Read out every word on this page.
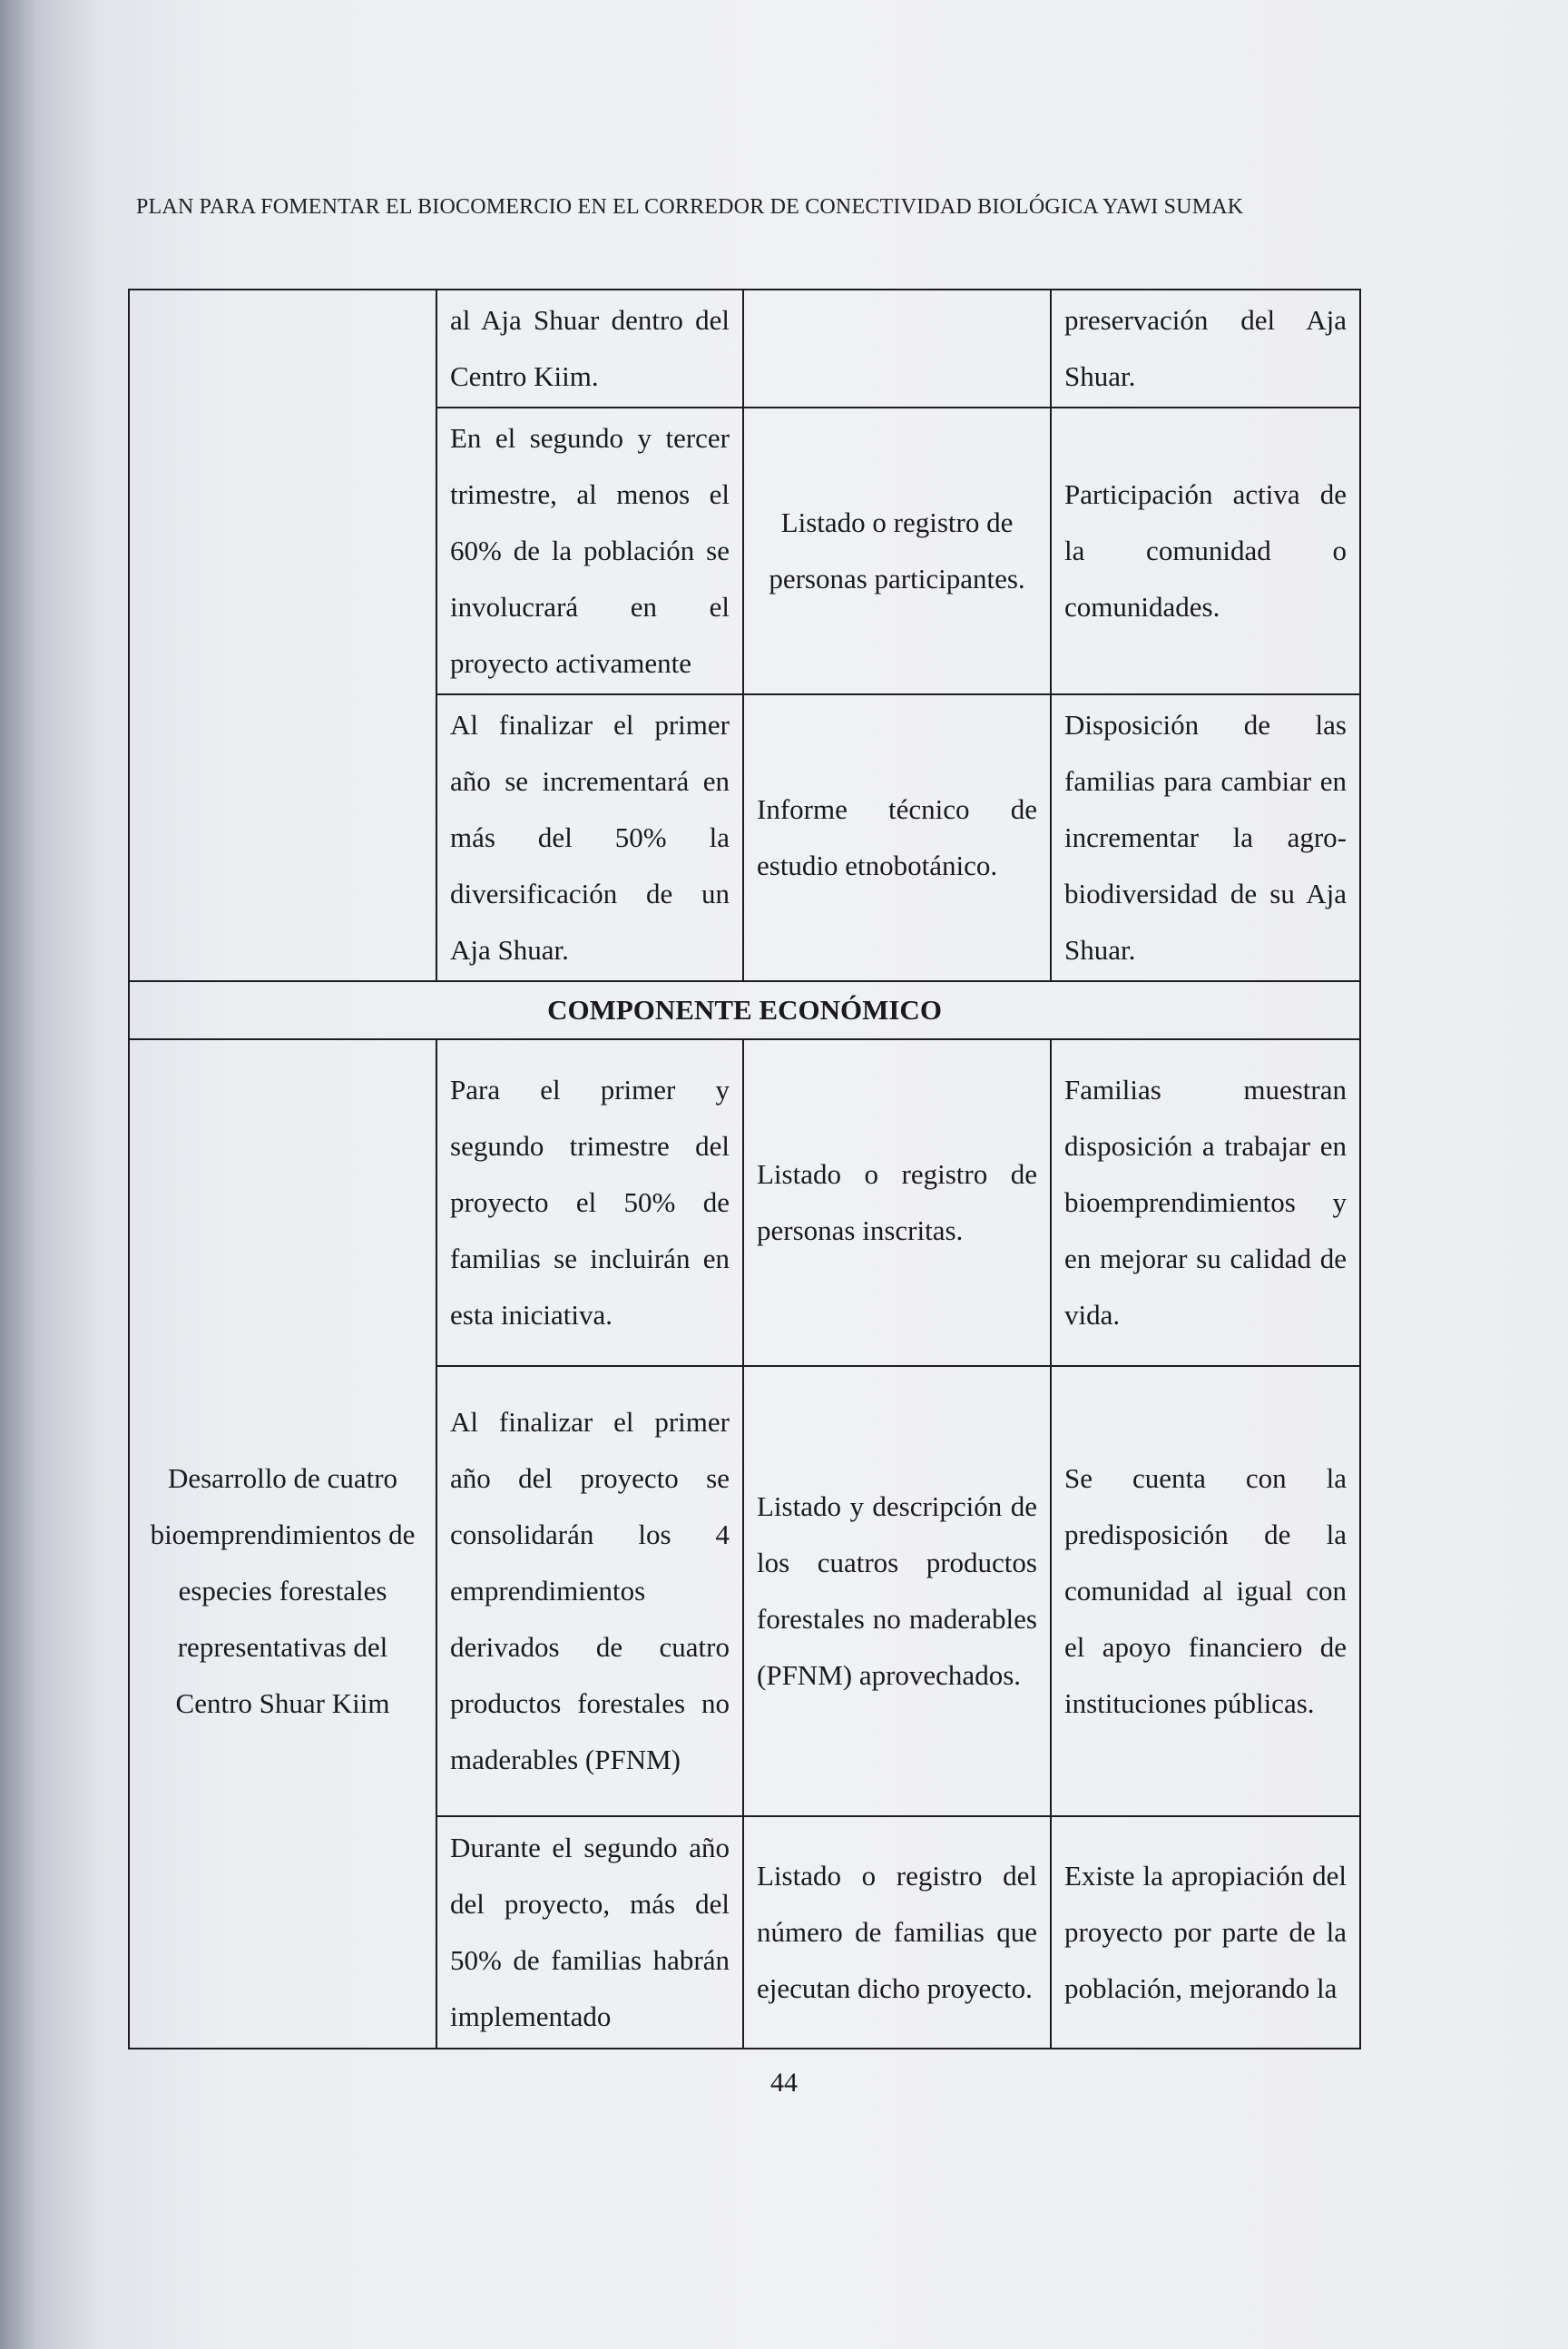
PLAN PARA FOMENTAR EL BIOCOMERCIO EN EL CORREDOR DE CONECTIVIDAD BIOLÓGICA YAWI SUMAK
	al Aja Shuar dentro del Centro Kiim.		preservación del Aja Shuar.
	En el segundo y tercer trimestre, al menos el 60% de la población se involucrará en el proyecto activamente	Listado o registro de personas participantes.	Participación activa de la comunidad o comunidades.
	Al finalizar el primer año se incrementará en más del 50% la diversificación de un Aja Shuar.	Informe técnico de estudio etnobotánico.	Disposición de las familias para cambiar en incrementar la agro-biodiversidad de su Aja Shuar.
COMPONENTE ECONÓMICO			
	Para el primer y segundo trimestre del proyecto el 50% de familias se incluirán en esta iniciativa.	Listado o registro de personas inscritas.	Familias muestran disposición a trabajar en bioemprendimientos y en mejorar su calidad de vida.
Desarrollo de cuatro bioemprendimientos de especies forestales representativas del Centro Shuar Kiim	Al finalizar el primer año del proyecto se consolidarán los 4 emprendimientos derivados de cuatro productos forestales no maderables (PFNM)	Listado y descripción de los cuatros productos forestales no maderables (PFNM) aprovechados.	Se cuenta con la predisposición de la comunidad al igual con el apoyo financiero de instituciones públicas.
	Durante el segundo año del proyecto, más del 50% de familias habrán implementado	Listado o registro del número de familias que ejecutan dicho proyecto.	Existe la apropiación del proyecto por parte de la población, mejorando la
44
